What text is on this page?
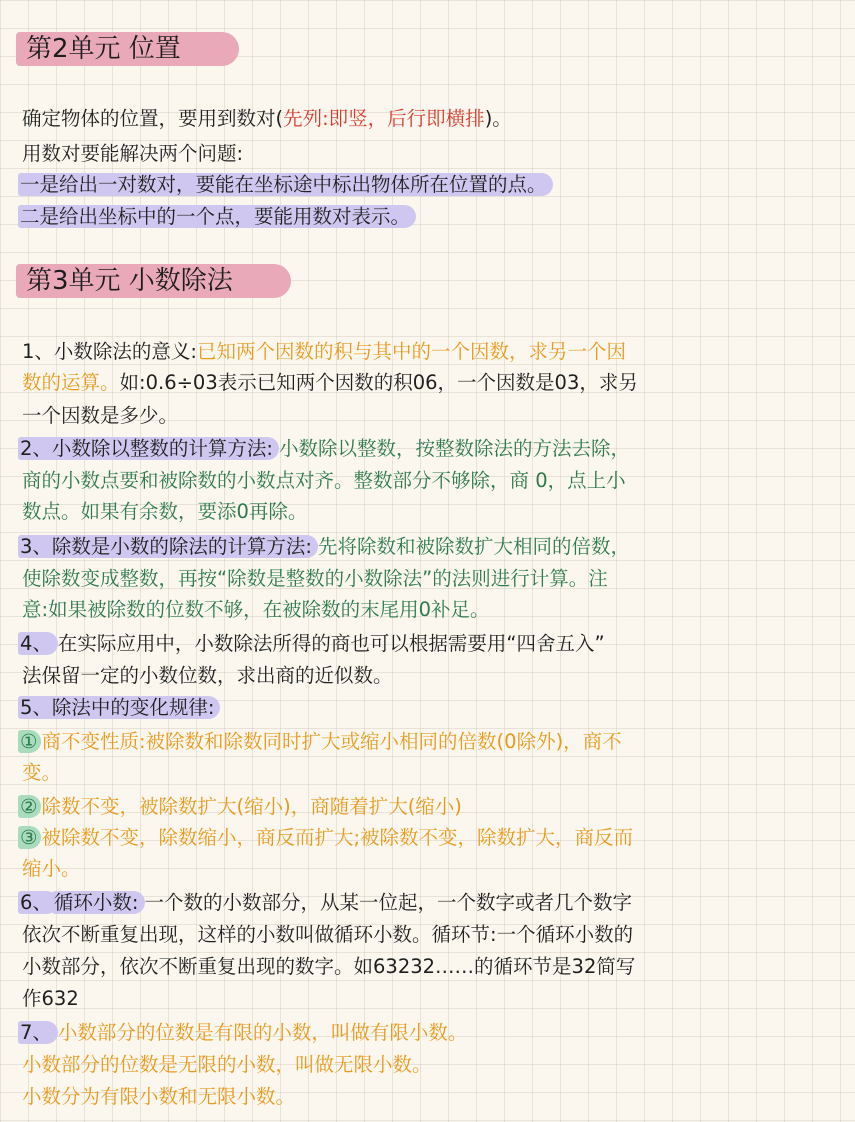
第2单元 位置
确定物体的位置，要用到数对(先列:即竖，后行即横排)。
用数对要能解决两个问题:
一是给出一对数对，要能在坐标途中标出物体所在位置的点。
二是给出坐标中的一个点，要能用数对表示。
第3单元 小数除法
1、小数除法的意义:已知两个因数的积与其中的一个因数，求另一个因
数的运算。如:0.6÷03表示已知两个因数的积06，一个因数是03，求另
一个因数是多少。
2、小数除以整数的计算方法: 小数除以整数，按整数除法的方法去除，
商的小数点要和被除数的小数点对齐。整数部分不够除，商 0，点上小
数点。如果有余数，要添0再除。
3、除数是小数的除法的计算方法: 先将除数和被除数扩大相同的倍数，
使除数变成整数，再按“除数是整数的小数除法”的法则进行计算。注
意:如果被除数的位数不够，在被除数的末尾用0补足。
4、 在实际应用中，小数除法所得的商也可以根据需要用“四舍五入”
法保留一定的小数位数，求出商的近似数。
5、除法中的变化规律:
① 商不变性质:被除数和除数同时扩大或缩小相同的倍数(0除外)，商不
变。
② 除数不变，被除数扩大(缩小)，商随着扩大(缩小)
③ 被除数不变，除数缩小，商反而扩大;被除数不变，除数扩大，商反而
缩小。
6、 循环小数: 一个数的小数部分，从某一位起，一个数字或者几个数字
依次不断重复出现，这样的小数叫做循环小数。循环节:一个循环小数的
小数部分，依次不断重复出现的数字。如63232……的循环节是32简写
作632
7、 小数部分的位数是有限的小数，叫做有限小数。
小数部分的位数是无限的小数，叫做无限小数。
小数分为有限小数和无限小数。
